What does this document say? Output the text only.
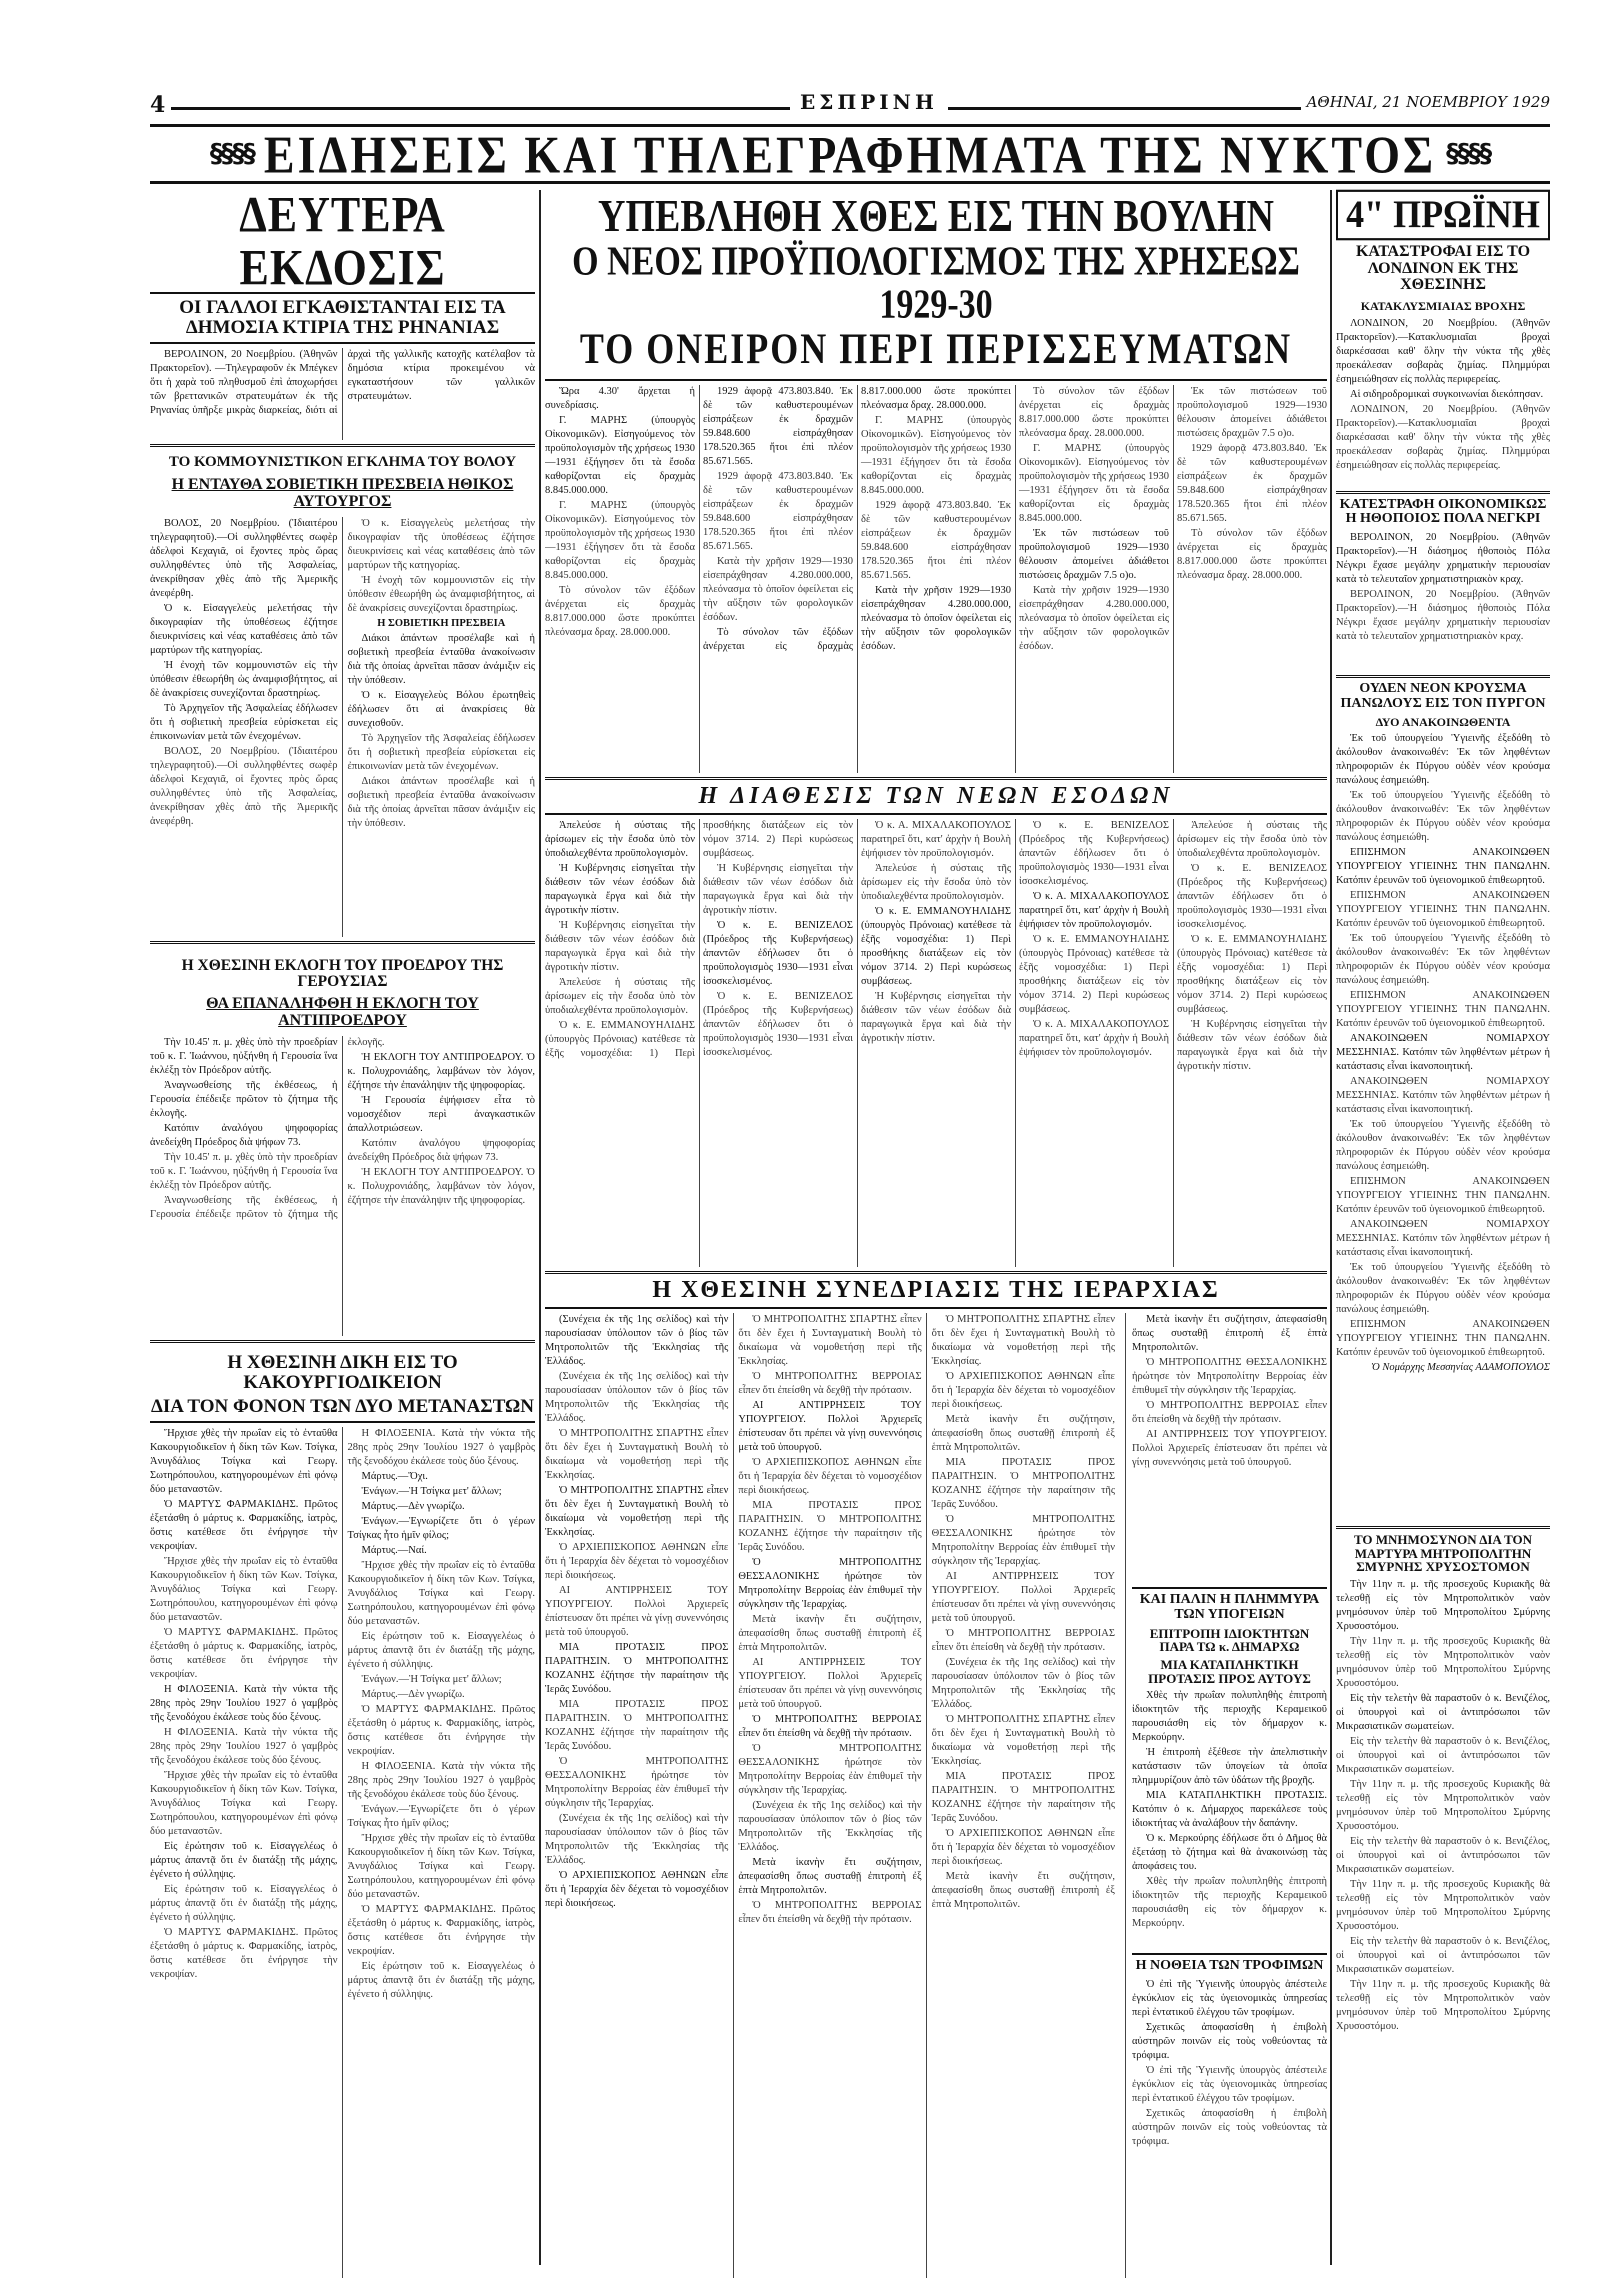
4	ΕΣΠΡΙΝΗ	ΑΘΗΝΑΙ, 21 ΝΟΕΜΒΡΙΟΥ 1929
§§§§ ΕΙΔΗΣΕΙΣ ΚΑΙ ΤΗΛΕΓΡΑΦΗΜΑΤΑ ΤΗΣ ΝΥΚΤΟΣ §§§§
ΔΕΥΤΕΡΑ ΕΚΔΟΣΙΣ
ΟΙ ΓΑΛΛΟΙ ΕΓΚΑΘΙΣΤΑΝΤΑΙ ΕΙΣ ΤΑ ΔΗΜΟΣΙΑ ΚΤΙΡΙΑ ΤΗΣ ΡΗΝΑΝΙΑΣ

ΒΕΡΟΛΙΝΟΝ, 20 Νοεμβρίου. (Ἀθηνῶν Πρακτορεῖον). —Τηλεγραφοῦν ἐκ Μπέγκεν ὅτι ἡ χαρὰ τοῦ πληθυσμοῦ ἐπὶ ἀποχωρήσει τῶν βρεττανικῶν στρατευμάτων ἐκ τῆς Ρηνανίας ὑπῆρξε μικρὰς διαρκείας, διότι αἱ ἀρχαὶ τῆς γαλλικῆς κατοχῆς κατέλαβον τὰ δημόσια κτίρια προκειμένου νὰ εγκαταστήσουν τῶν γαλλικῶν στρατευμάτων.

ΤΟ ΚΟΜΜΟΥΝΙΣΤΙΚΟΝ ΕΓΚΛΗΜΑ ΤΟΥ ΒΟΛΟΥ
Η ΕΝΤΑΥΘΑ ΣΟΒΙΕΤΙΚΗ ΠΡΕΣΒΕΙΑ ΗΘΙΚΟΣ ΑΥΤΟΥΡΓΟΣ

ΒΟΛΟΣ, 20 Νοεμβρίου. (Ἰδιαιτέρου τηλεγραφητοῦ).—Οἱ συλληφθέντες σωφὲρ ἀδελφοὶ Κεχαγιᾶ, οἱ ἔχοντες πρὸς ὥρας συλληφθέντες ὑπὸ τῆς Ἀσφαλείας, ἀνεκρίθησαν χθὲς ἀπὸ τῆς Ἀμερικῆς ἀνεφέρθη.

Ὁ κ. Εἰσαγγελεὺς μελετήσας τὴν δικογραφίαν τῆς ὑποθέσεως ἐζήτησε διευκρινίσεις καὶ νέας καταθέσεις ἀπὸ τῶν μαρτύρων τῆς κατηγορίας.

Ἡ ἐνοχὴ τῶν κομμουνιστῶν εἰς τὴν ὑπόθεσιν ἐθεωρήθη ὡς ἀναμφισβήτητος, αἱ δὲ ἀνακρίσεις συνεχίζονται δραστηρίως.

Τὸ Ἀρχηγεῖον τῆς Ἀσφαλείας ἐδήλωσεν ὅτι ἡ σοβιετικὴ πρεσβεία εὐρίσκεται εἰς ἐπικοινωνίαν μετὰ τῶν ἐνεχομένων.

ΒΟΛΟΣ, 20 Νοεμβρίου. (Ἰδιαιτέρου τηλεγραφητοῦ).—Οἱ συλληφθέντες σωφὲρ ἀδελφοὶ Κεχαγιᾶ, οἱ ἔχοντες πρὸς ὥρας συλληφθέντες ὑπὸ τῆς Ἀσφαλείας, ἀνεκρίθησαν χθὲς ἀπὸ τῆς Ἀμερικῆς ἀνεφέρθη.

Ὁ κ. Εἰσαγγελεὺς μελετήσας τὴν δικογραφίαν τῆς ὑποθέσεως ἐζήτησε διευκρινίσεις καὶ νέας καταθέσεις ἀπὸ τῶν μαρτύρων τῆς κατηγορίας.

Ἡ ἐνοχὴ τῶν κομμουνιστῶν εἰς τὴν ὑπόθεσιν ἐθεωρήθη ὡς ἀναμφισβήτητος, αἱ δὲ ἀνακρίσεις συνεχίζονται δραστηρίως.

Η ΣΟΒΙΕΤΙΚΗ ΠΡΕΣΒΕΙΑ

Διάκοι ἀπάντων προσέλαβε καὶ ἡ σοβιετικὴ πρεσβεία ἐνταῦθα ἀνακοίνωσιν διὰ τῆς ὁποίας ἀρνεῖται πᾶσαν ἀνάμιξιν εἰς τὴν ὑπόθεσιν.

Ὁ κ. Εἰσαγγελεὺς Βόλου ἐρωτηθεὶς ἐδήλωσεν ὅτι αἱ ἀνακρίσεις θὰ συνεχισθοῦν.

Τὸ Ἀρχηγεῖον τῆς Ἀσφαλείας ἐδήλωσεν ὅτι ἡ σοβιετικὴ πρεσβεία εὐρίσκεται εἰς ἐπικοινωνίαν μετὰ τῶν ἐνεχομένων.

Διάκοι ἀπάντων προσέλαβε καὶ ἡ σοβιετικὴ πρεσβεία ἐνταῦθα ἀνακοίνωσιν διὰ τῆς ὁποίας ἀρνεῖται πᾶσαν ἀνάμιξιν εἰς τὴν ὑπόθεσιν.

Η ΧΘΕΣΙΝΗ ΕΚΛΟΓΗ ΤΟΥ ΠΡΟΕΔΡΟΥ ΤΗΣ ΓΕΡΟΥΣΙΑΣ
ΘΑ ΕΠΑΝΑΛΗΦΘΗ Η ΕΚΛΟΓΗ ΤΟΥ ΑΝΤΙΠΡΟΕΔΡΟΥ

Τὴν 10.45' π. μ. χθὲς ὑπὸ τὴν προεδρίαν τοῦ κ. Γ. Ἰωάννου, ηὐξήνθη ἡ Γερουσία ἵνα ἐκλέξῃ τὸν Πρόεδρον αὐτῆς.

Ἀναγνωσθείσης τῆς ἐκθέσεως, ἡ Γερουσία ἐπέδειξε πρῶτον τὸ ζήτημα τῆς ἐκλογῆς.

Κατόπιν ἀναλόγου ψηφοφορίας ἀνεδείχθη Πρόεδρος διὰ ψήφων 73.

Τὴν 10.45' π. μ. χθὲς ὑπὸ τὴν προεδρίαν τοῦ κ. Γ. Ἰωάννου, ηὐξήνθη ἡ Γερουσία ἵνα ἐκλέξῃ τὸν Πρόεδρον αὐτῆς.

Ἀναγνωσθείσης τῆς ἐκθέσεως, ἡ Γερουσία ἐπέδειξε πρῶτον τὸ ζήτημα τῆς ἐκλογῆς.

Ἡ ΕΚΛΟΓΗ ΤΟΥ ΑΝΤΙΠΡΟΕΔΡΟΥ. Ὁ κ. Πολυχρονιάδης, λαμβάνων τὸν λόγον, ἐζήτησε τὴν ἐπανάληψιν τῆς ψηφοφορίας.

Ἡ Γερουσία ἐψήφισεν εἶτα τὸ νομοσχέδιον περὶ ἀναγκαστικῶν ἀπαλλοτριώσεων.

Κατόπιν ἀναλόγου ψηφοφορίας ἀνεδείχθη Πρόεδρος διὰ ψήφων 73.

Ἡ ΕΚΛΟΓΗ ΤΟΥ ΑΝΤΙΠΡΟΕΔΡΟΥ. Ὁ κ. Πολυχρονιάδης, λαμβάνων τὸν λόγον, ἐζήτησε τὴν ἐπανάληψιν τῆς ψηφοφορίας.

Η ΧΘΕΣΙΝΗ ΔΙΚΗ ΕΙΣ ΤΟ ΚΑΚΟΥΡΓΙΟΔΙΚΕΙΟΝ
ΔΙΑ ΤΟΝ ΦΟΝΟΝ ΤΩΝ ΔΥΟ ΜΕΤΑΝΑΣΤΩΝ

Ἤρχισε χθὲς τὴν πρωΐαν εἰς τὸ ἐνταῦθα Κακουργιοδικεῖον ἡ δίκη τῶν Κων. Τσίγκα, Ἀνυγδάλιος Τσίγκα καὶ Γεωργ. Σωτηρόπουλου, κατηγορουμένων ἐπὶ φόνῳ δύο μεταναστῶν.

Ὁ ΜΑΡΤΥΣ ΦΑΡΜΑΚΙΔΗΣ. Πρῶτος ἐξετάσθη ὁ μάρτυς κ. Φαρμακίδης, ἰατρὸς, ὅστις κατέθεσε ὅτι ἐνήργησε τὴν νεκροψίαν.

Ἤρχισε χθὲς τὴν πρωΐαν εἰς τὸ ἐνταῦθα Κακουργιοδικεῖον ἡ δίκη τῶν Κων. Τσίγκα, Ἀνυγδάλιος Τσίγκα καὶ Γεωργ. Σωτηρόπουλου, κατηγορουμένων ἐπὶ φόνῳ δύο μεταναστῶν.

Ὁ ΜΑΡΤΥΣ ΦΑΡΜΑΚΙΔΗΣ. Πρῶτος ἐξετάσθη ὁ μάρτυς κ. Φαρμακίδης, ἰατρὸς, ὅστις κατέθεσε ὅτι ἐνήργησε τὴν νεκροψίαν.

Η ΦΙΛΟΞΕΝΙΑ. Κατὰ τὴν νύκτα τῆς 28ης πρὸς 29ην Ἰουλίου 1927 ὁ γαμβρὸς τῆς ξενοδόχου ἐκάλεσε τοὺς δύο ξένους.

Η ΦΙΛΟΞΕΝΙΑ. Κατὰ τὴν νύκτα τῆς 28ης πρὸς 29ην Ἰουλίου 1927 ὁ γαμβρὸς τῆς ξενοδόχου ἐκάλεσε τοὺς δύο ξένους.

Ἤρχισε χθὲς τὴν πρωΐαν εἰς τὸ ἐνταῦθα Κακουργιοδικεῖον ἡ δίκη τῶν Κων. Τσίγκα, Ἀνυγδάλιος Τσίγκα καὶ Γεωργ. Σωτηρόπουλου, κατηγορουμένων ἐπὶ φόνῳ δύο μεταναστῶν.

Εἰς ἐρώτησιν τοῦ κ. Εἰσαγγελέως ὁ μάρτυς ἀπαντᾷ ὅτι ἐν διατάξῃ τῆς μάχης, ἐγένετο ἡ σύλληψις.

Εἰς ἐρώτησιν τοῦ κ. Εἰσαγγελέως ὁ μάρτυς ἀπαντᾷ ὅτι ἐν διατάξῃ τῆς μάχης, ἐγένετο ἡ σύλληψις.

Ὁ ΜΑΡΤΥΣ ΦΑΡΜΑΚΙΔΗΣ. Πρῶτος ἐξετάσθη ὁ μάρτυς κ. Φαρμακίδης, ἰατρὸς, ὅστις κατέθεσε ὅτι ἐνήργησε τὴν νεκροψίαν.

Η ΦΙΛΟΞΕΝΙΑ. Κατὰ τὴν νύκτα τῆς 28ης πρὸς 29ην Ἰουλίου 1927 ὁ γαμβρὸς τῆς ξενοδόχου ἐκάλεσε τοὺς δύο ξένους.

Μάρτυς.—Ὄχι.

Ἐνάγων.—Ἡ Τσίγκα μετ' ἄλλων;

Μάρτυς.—Δὲν γνωρίζω.

Ἐνάγων.—Ἐγνωρίζετε ὅτι ὁ γέρων Τσίγκας ἦτο ἡμῖν φίλος;

Μάρτυς.—Ναί.

Ἤρχισε χθὲς τὴν πρωΐαν εἰς τὸ ἐνταῦθα Κακουργιοδικεῖον ἡ δίκη τῶν Κων. Τσίγκα, Ἀνυγδάλιος Τσίγκα καὶ Γεωργ. Σωτηρόπουλου, κατηγορουμένων ἐπὶ φόνῳ δύο μεταναστῶν.

Εἰς ἐρώτησιν τοῦ κ. Εἰσαγγελέως ὁ μάρτυς ἀπαντᾷ ὅτι ἐν διατάξῃ τῆς μάχης, ἐγένετο ἡ σύλληψις.

Ἐνάγων.—Ἡ Τσίγκα μετ' ἄλλων;

Μάρτυς.—Δὲν γνωρίζω.

Ὁ ΜΑΡΤΥΣ ΦΑΡΜΑΚΙΔΗΣ. Πρῶτος ἐξετάσθη ὁ μάρτυς κ. Φαρμακίδης, ἰατρὸς, ὅστις κατέθεσε ὅτι ἐνήργησε τὴν νεκροψίαν.

Η ΦΙΛΟΞΕΝΙΑ. Κατὰ τὴν νύκτα τῆς 28ης πρὸς 29ην Ἰουλίου 1927 ὁ γαμβρὸς τῆς ξενοδόχου ἐκάλεσε τοὺς δύο ξένους.

Ἐνάγων.—Ἐγνωρίζετε ὅτι ὁ γέρων Τσίγκας ἦτο ἡμῖν φίλος;

Ἤρχισε χθὲς τὴν πρωΐαν εἰς τὸ ἐνταῦθα Κακουργιοδικεῖον ἡ δίκη τῶν Κων. Τσίγκα, Ἀνυγδάλιος Τσίγκα καὶ Γεωργ. Σωτηρόπουλου, κατηγορουμένων ἐπὶ φόνῳ δύο μεταναστῶν.

Ὁ ΜΑΡΤΥΣ ΦΑΡΜΑΚΙΔΗΣ. Πρῶτος ἐξετάσθη ὁ μάρτυς κ. Φαρμακίδης, ἰατρὸς, ὅστις κατέθεσε ὅτι ἐνήργησε τὴν νεκροψίαν.

Εἰς ἐρώτησιν τοῦ κ. Εἰσαγγελέως ὁ μάρτυς ἀπαντᾷ ὅτι ἐν διατάξῃ τῆς μάχης, ἐγένετο ἡ σύλληψις.

ΥΠΕΒΛΗΘΗ ΧΘΕΣ ΕΙΣ ΤΗΝ ΒΟΥΛΗΝ
Ο ΝΕΟΣ ΠΡΟΫΠΟΛΟΓΙΣΜΟΣ ΤΗΣ ΧΡΗΣΕΩΣ 1929-30
ΤΟ ΟΝΕΙΡΟΝ ΠΕΡΙ ΠΕΡΙΣΣΕΥΜΑΤΩΝ

Ὥρα 4.30' ἄρχεται ἡ συνεδρίασις.

Γ. ΜΑΡΗΣ (ὑπουργὸς Οἰκονομικῶν). Εἰσηγούμενος τὸν προϋπολογισμὸν τῆς χρήσεως 1930—1931 ἐξήγησεν ὅτι τὰ ἔσοδα καθορίζονται εἰς δραχμὰς 8.845.000.000.

Γ. ΜΑΡΗΣ (ὑπουργὸς Οἰκονομικῶν). Εἰσηγούμενος τὸν προϋπολογισμὸν τῆς χρήσεως 1930—1931 ἐξήγησεν ὅτι τὰ ἔσοδα καθορίζονται εἰς δραχμὰς 8.845.000.000.

Τὸ σύνολον τῶν ἐξόδων ἀνέρχεται εἰς δραχμὰς 8.817.000.000 ὥστε προκύπτει πλεόνασμα δραχ. 28.000.000.

1929 ἀφορᾷ 473.803.840. Ἐκ δὲ τῶν καθυστερουμένων εἰσπράξεων ἐκ δραχμῶν 59.848.600 εἰσπράχθησαν 178.520.365 ἤτοι ἐπὶ πλέον 85.671.565.

1929 ἀφορᾷ 473.803.840. Ἐκ δὲ τῶν καθυστερουμένων εἰσπράξεων ἐκ δραχμῶν 59.848.600 εἰσπράχθησαν 178.520.365 ἤτοι ἐπὶ πλέον 85.671.565.

Κατὰ τὴν χρῆσιν 1929—1930 εἰσεπράχθησαν 4.280.000.000, πλεόνασμα τὸ ὁποῖον ὀφείλεται εἰς τὴν αὔξησιν τῶν φορολογικῶν ἐσόδων.

Τὸ σύνολον τῶν ἐξόδων ἀνέρχεται εἰς δραχμὰς 8.817.000.000 ὥστε προκύπτει πλεόνασμα δραχ. 28.000.000.

Γ. ΜΑΡΗΣ (ὑπουργὸς Οἰκονομικῶν). Εἰσηγούμενος τὸν προϋπολογισμὸν τῆς χρήσεως 1930—1931 ἐξήγησεν ὅτι τὰ ἔσοδα καθορίζονται εἰς δραχμὰς 8.845.000.000.

1929 ἀφορᾷ 473.803.840. Ἐκ δὲ τῶν καθυστερουμένων εἰσπράξεων ἐκ δραχμῶν 59.848.600 εἰσπράχθησαν 178.520.365 ἤτοι ἐπὶ πλέον 85.671.565.

Κατὰ τὴν χρῆσιν 1929—1930 εἰσεπράχθησαν 4.280.000.000, πλεόνασμα τὸ ὁποῖον ὀφείλεται εἰς τὴν αὔξησιν τῶν φορολογικῶν ἐσόδων.

Τὸ σύνολον τῶν ἐξόδων ἀνέρχεται εἰς δραχμὰς 8.817.000.000 ὥστε προκύπτει πλεόνασμα δραχ. 28.000.000.

Γ. ΜΑΡΗΣ (ὑπουργὸς Οἰκονομικῶν). Εἰσηγούμενος τὸν προϋπολογισμὸν τῆς χρήσεως 1930—1931 ἐξήγησεν ὅτι τὰ ἔσοδα καθορίζονται εἰς δραχμὰς 8.845.000.000.

Ἐκ τῶν πιστώσεων τοῦ προϋπολογισμοῦ 1929—1930 θέλουσιν ἀπομείνει ἀδιάθετοι πιστώσεις δραχμῶν 7.5 ο)ο.

Κατὰ τὴν χρῆσιν 1929—1930 εἰσεπράχθησαν 4.280.000.000, πλεόνασμα τὸ ὁποῖον ὀφείλεται εἰς τὴν αὔξησιν τῶν φορολογικῶν ἐσόδων.

Ἐκ τῶν πιστώσεων τοῦ προϋπολογισμοῦ 1929—1930 θέλουσιν ἀπομείνει ἀδιάθετοι πιστώσεις δραχμῶν 7.5 ο)ο.

1929 ἀφορᾷ 473.803.840. Ἐκ δὲ τῶν καθυστερουμένων εἰσπράξεων ἐκ δραχμῶν 59.848.600 εἰσπράχθησαν 178.520.365 ἤτοι ἐπὶ πλέον 85.671.565.

Τὸ σύνολον τῶν ἐξόδων ἀνέρχεται εἰς δραχμὰς 8.817.000.000 ὥστε προκύπτει πλεόνασμα δραχ. 28.000.000.

Η ΔΙΑΘΕΣΙΣ ΤΩΝ ΝΕΩΝ ΕΣΟΔΩΝ

Ἀπελεύσε ἡ σύσταις τῆς ἀρίσωμεν εἰς τὴν ἔσοδα ὑπὸ τὸν ὑποδιαλεχθέντα προϋπολογισμὸν.

Ἡ Κυβέρνησις εἰσηγεῖται τὴν διάθεσιν τῶν νέων ἐσόδων διὰ παραγωγικὰ ἔργα καὶ διὰ τὴν ἀγροτικὴν πίστιν.

Ἡ Κυβέρνησις εἰσηγεῖται τὴν διάθεσιν τῶν νέων ἐσόδων διὰ παραγωγικὰ ἔργα καὶ διὰ τὴν ἀγροτικὴν πίστιν.

Ἀπελεύσε ἡ σύσταις τῆς ἀρίσωμεν εἰς τὴν ἔσοδα ὑπὸ τὸν ὑποδιαλεχθέντα προϋπολογισμὸν.

Ὁ κ. Ε. ΕΜΜΑΝΟΥΗΛΙΔΗΣ (ὑπουργὸς Πρόνοιας) κατέθεσε τὰ ἑξῆς νομοσχέδια: 1) Περὶ προσθήκης διατάξεων εἰς τὸν νόμον 3714. 2) Περὶ κυρώσεως συμβάσεως.

Ἡ Κυβέρνησις εἰσηγεῖται τὴν διάθεσιν τῶν νέων ἐσόδων διὰ παραγωγικὰ ἔργα καὶ διὰ τὴν ἀγροτικὴν πίστιν.

Ὁ κ. Ε. ΒΕΝΙΖΕΛΟΣ (Πρόεδρος τῆς Κυβερνήσεως) ἀπαντῶν ἐδήλωσεν ὅτι ὁ προϋπολογισμὸς 1930—1931 εἶναι ἰσοσκελισμένος.

Ὁ κ. Ε. ΒΕΝΙΖΕΛΟΣ (Πρόεδρος τῆς Κυβερνήσεως) ἀπαντῶν ἐδήλωσεν ὅτι ὁ προϋπολογισμὸς 1930—1931 εἶναι ἰσοσκελισμένος.

Ὁ κ. Α. ΜΙΧΑΛΑΚΟΠΟΥΛΟΣ παρατηρεῖ ὅτι, κατ' ἀρχὴν ἡ Βουλὴ ἐψήφισεν τὸν προϋπολογισμόν.

Ἀπελεύσε ἡ σύσταις τῆς ἀρίσωμεν εἰς τὴν ἔσοδα ὑπὸ τὸν ὑποδιαλεχθέντα προϋπολογισμὸν.

Ὁ κ. Ε. ΕΜΜΑΝΟΥΗΛΙΔΗΣ (ὑπουργὸς Πρόνοιας) κατέθεσε τὰ ἑξῆς νομοσχέδια: 1) Περὶ προσθήκης διατάξεων εἰς τὸν νόμον 3714. 2) Περὶ κυρώσεως συμβάσεως.

Ἡ Κυβέρνησις εἰσηγεῖται τὴν διάθεσιν τῶν νέων ἐσόδων διὰ παραγωγικὰ ἔργα καὶ διὰ τὴν ἀγροτικὴν πίστιν.

Ὁ κ. Ε. ΒΕΝΙΖΕΛΟΣ (Πρόεδρος τῆς Κυβερνήσεως) ἀπαντῶν ἐδήλωσεν ὅτι ὁ προϋπολογισμὸς 1930—1931 εἶναι ἰσοσκελισμένος.

Ὁ κ. Α. ΜΙΧΑΛΑΚΟΠΟΥΛΟΣ παρατηρεῖ ὅτι, κατ' ἀρχὴν ἡ Βουλὴ ἐψήφισεν τὸν προϋπολογισμόν.

Ὁ κ. Ε. ΕΜΜΑΝΟΥΗΛΙΔΗΣ (ὑπουργὸς Πρόνοιας) κατέθεσε τὰ ἑξῆς νομοσχέδια: 1) Περὶ προσθήκης διατάξεων εἰς τὸν νόμον 3714. 2) Περὶ κυρώσεως συμβάσεως.

Ὁ κ. Α. ΜΙΧΑΛΑΚΟΠΟΥΛΟΣ παρατηρεῖ ὅτι, κατ' ἀρχὴν ἡ Βουλὴ ἐψήφισεν τὸν προϋπολογισμόν.

Ἀπελεύσε ἡ σύσταις τῆς ἀρίσωμεν εἰς τὴν ἔσοδα ὑπὸ τὸν ὑποδιαλεχθέντα προϋπολογισμὸν.

Ὁ κ. Ε. ΒΕΝΙΖΕΛΟΣ (Πρόεδρος τῆς Κυβερνήσεως) ἀπαντῶν ἐδήλωσεν ὅτι ὁ προϋπολογισμὸς 1930—1931 εἶναι ἰσοσκελισμένος.

Ὁ κ. Ε. ΕΜΜΑΝΟΥΗΛΙΔΗΣ (ὑπουργὸς Πρόνοιας) κατέθεσε τὰ ἑξῆς νομοσχέδια: 1) Περὶ προσθήκης διατάξεων εἰς τὸν νόμον 3714. 2) Περὶ κυρώσεως συμβάσεως.

Ἡ Κυβέρνησις εἰσηγεῖται τὴν διάθεσιν τῶν νέων ἐσόδων διὰ παραγωγικὰ ἔργα καὶ διὰ τὴν ἀγροτικὴν πίστιν.

Η ΧΘΕΣΙΝΗ ΣΥΝΕΔΡΙΑΣΙΣ ΤΗΣ ΙΕΡΑΡΧΙΑΣ

(Συνέχεια ἐκ τῆς 1ης σελίδος) καὶ τὴν παρουσίασαν ὑπόλοιπον τῶν ὁ βίος τῶν Μητροπολιτῶν τῆς Ἐκκλησίας τῆς Ἑλλάδος.

(Συνέχεια ἐκ τῆς 1ης σελίδος) καὶ τὴν παρουσίασαν ὑπόλοιπον τῶν ὁ βίος τῶν Μητροπολιτῶν τῆς Ἐκκλησίας τῆς Ἑλλάδος.

Ὁ ΜΗΤΡΟΠΟΛΙΤΗΣ ΣΠΑΡΤΗΣ εἶπεν ὅτι δὲν ἔχει ἡ Συνταγματικὴ Βουλὴ τὸ δικαίωμα νὰ νομοθετήσῃ περὶ τῆς Ἐκκλησίας.

Ὁ ΜΗΤΡΟΠΟΛΙΤΗΣ ΣΠΑΡΤΗΣ εἶπεν ὅτι δὲν ἔχει ἡ Συνταγματικὴ Βουλὴ τὸ δικαίωμα νὰ νομοθετήσῃ περὶ τῆς Ἐκκλησίας.

Ὁ ΑΡΧΙΕΠΙΣΚΟΠΟΣ ΑΘΗΝΩΝ εἶπε ὅτι ἡ Ἱεραρχία δὲν δέχεται τὸ νομοσχέδιον περὶ διοικήσεως.

ΑΙ ΑΝΤΙΡΡΗΣΕΙΣ ΤΟΥ ΥΠΟΥΡΓΕΙΟΥ. Πολλοὶ Ἀρχιερεῖς ἐπίστευσαν ὅτι πρέπει νὰ γίνῃ συνεννόησις μετὰ τοῦ ὑπουργοῦ.

ΜΙΑ ΠΡΟΤΑΣΙΣ ΠΡΟΣ ΠΑΡΑΙΤΗΣΙΝ. Ὁ ΜΗΤΡΟΠΟΛΙΤΗΣ ΚΟΖΑΝΗΣ ἐζήτησε τὴν παραίτησιν τῆς Ἱερᾶς Συνόδου.

ΜΙΑ ΠΡΟΤΑΣΙΣ ΠΡΟΣ ΠΑΡΑΙΤΗΣΙΝ. Ὁ ΜΗΤΡΟΠΟΛΙΤΗΣ ΚΟΖΑΝΗΣ ἐζήτησε τὴν παραίτησιν τῆς Ἱερᾶς Συνόδου.

Ὁ ΜΗΤΡΟΠΟΛΙΤΗΣ ΘΕΣΣΑΛΟΝΙΚΗΣ ἠρώτησε τὸν Μητροπολίτην Βερροίας ἐὰν ἐπιθυμεῖ τὴν σύγκλησιν τῆς Ἱεραρχίας.

(Συνέχεια ἐκ τῆς 1ης σελίδος) καὶ τὴν παρουσίασαν ὑπόλοιπον τῶν ὁ βίος τῶν Μητροπολιτῶν τῆς Ἐκκλησίας τῆς Ἑλλάδος.

Ὁ ΑΡΧΙΕΠΙΣΚΟΠΟΣ ΑΘΗΝΩΝ εἶπε ὅτι ἡ Ἱεραρχία δὲν δέχεται τὸ νομοσχέδιον περὶ διοικήσεως.

Ὁ ΜΗΤΡΟΠΟΛΙΤΗΣ ΣΠΑΡΤΗΣ εἶπεν ὅτι δὲν ἔχει ἡ Συνταγματικὴ Βουλὴ τὸ δικαίωμα νὰ νομοθετήσῃ περὶ τῆς Ἐκκλησίας.

Ὁ ΜΗΤΡΟΠΟΛΙΤΗΣ ΒΕΡΡΟΙΑΣ εἶπεν ὅτι ἐπείσθη νὰ δεχθῇ τὴν πρότασιν.

ΑΙ ΑΝΤΙΡΡΗΣΕΙΣ ΤΟΥ ΥΠΟΥΡΓΕΙΟΥ. Πολλοὶ Ἀρχιερεῖς ἐπίστευσαν ὅτι πρέπει νὰ γίνῃ συνεννόησις μετὰ τοῦ ὑπουργοῦ.

Ὁ ΑΡΧΙΕΠΙΣΚΟΠΟΣ ΑΘΗΝΩΝ εἶπε ὅτι ἡ Ἱεραρχία δὲν δέχεται τὸ νομοσχέδιον περὶ διοικήσεως.

ΜΙΑ ΠΡΟΤΑΣΙΣ ΠΡΟΣ ΠΑΡΑΙΤΗΣΙΝ. Ὁ ΜΗΤΡΟΠΟΛΙΤΗΣ ΚΟΖΑΝΗΣ ἐζήτησε τὴν παραίτησιν τῆς Ἱερᾶς Συνόδου.

Ὁ ΜΗΤΡΟΠΟΛΙΤΗΣ ΘΕΣΣΑΛΟΝΙΚΗΣ ἠρώτησε τὸν Μητροπολίτην Βερροίας ἐὰν ἐπιθυμεῖ τὴν σύγκλησιν τῆς Ἱεραρχίας.

Μετὰ ἱκανὴν ἔτι συζήτησιν, ἀπεφασίσθη ὅπως συσταθῇ ἐπιτροπὴ ἐξ ἑπτὰ Μητροπολιτῶν.

ΑΙ ΑΝΤΙΡΡΗΣΕΙΣ ΤΟΥ ΥΠΟΥΡΓΕΙΟΥ. Πολλοὶ Ἀρχιερεῖς ἐπίστευσαν ὅτι πρέπει νὰ γίνῃ συνεννόησις μετὰ τοῦ ὑπουργοῦ.

Ὁ ΜΗΤΡΟΠΟΛΙΤΗΣ ΒΕΡΡΟΙΑΣ εἶπεν ὅτι ἐπείσθη νὰ δεχθῇ τὴν πρότασιν.

Ὁ ΜΗΤΡΟΠΟΛΙΤΗΣ ΘΕΣΣΑΛΟΝΙΚΗΣ ἠρώτησε τὸν Μητροπολίτην Βερροίας ἐὰν ἐπιθυμεῖ τὴν σύγκλησιν τῆς Ἱεραρχίας.

(Συνέχεια ἐκ τῆς 1ης σελίδος) καὶ τὴν παρουσίασαν ὑπόλοιπον τῶν ὁ βίος τῶν Μητροπολιτῶν τῆς Ἐκκλησίας τῆς Ἑλλάδος.

Μετὰ ἱκανὴν ἔτι συζήτησιν, ἀπεφασίσθη ὅπως συσταθῇ ἐπιτροπὴ ἐξ ἑπτὰ Μητροπολιτῶν.

Ὁ ΜΗΤΡΟΠΟΛΙΤΗΣ ΒΕΡΡΟΙΑΣ εἶπεν ὅτι ἐπείσθη νὰ δεχθῇ τὴν πρότασιν.

Ὁ ΜΗΤΡΟΠΟΛΙΤΗΣ ΣΠΑΡΤΗΣ εἶπεν ὅτι δὲν ἔχει ἡ Συνταγματικὴ Βουλὴ τὸ δικαίωμα νὰ νομοθετήσῃ περὶ τῆς Ἐκκλησίας.

Ὁ ΑΡΧΙΕΠΙΣΚΟΠΟΣ ΑΘΗΝΩΝ εἶπε ὅτι ἡ Ἱεραρχία δὲν δέχεται τὸ νομοσχέδιον περὶ διοικήσεως.

Μετὰ ἱκανὴν ἔτι συζήτησιν, ἀπεφασίσθη ὅπως συσταθῇ ἐπιτροπὴ ἐξ ἑπτὰ Μητροπολιτῶν.

ΜΙΑ ΠΡΟΤΑΣΙΣ ΠΡΟΣ ΠΑΡΑΙΤΗΣΙΝ. Ὁ ΜΗΤΡΟΠΟΛΙΤΗΣ ΚΟΖΑΝΗΣ ἐζήτησε τὴν παραίτησιν τῆς Ἱερᾶς Συνόδου.

Ὁ ΜΗΤΡΟΠΟΛΙΤΗΣ ΘΕΣΣΑΛΟΝΙΚΗΣ ἠρώτησε τὸν Μητροπολίτην Βερροίας ἐὰν ἐπιθυμεῖ τὴν σύγκλησιν τῆς Ἱεραρχίας.

ΑΙ ΑΝΤΙΡΡΗΣΕΙΣ ΤΟΥ ΥΠΟΥΡΓΕΙΟΥ. Πολλοὶ Ἀρχιερεῖς ἐπίστευσαν ὅτι πρέπει νὰ γίνῃ συνεννόησις μετὰ τοῦ ὑπουργοῦ.

Ὁ ΜΗΤΡΟΠΟΛΙΤΗΣ ΒΕΡΡΟΙΑΣ εἶπεν ὅτι ἐπείσθη νὰ δεχθῇ τὴν πρότασιν.

(Συνέχεια ἐκ τῆς 1ης σελίδος) καὶ τὴν παρουσίασαν ὑπόλοιπον τῶν ὁ βίος τῶν Μητροπολιτῶν τῆς Ἐκκλησίας τῆς Ἑλλάδος.

Ὁ ΜΗΤΡΟΠΟΛΙΤΗΣ ΣΠΑΡΤΗΣ εἶπεν ὅτι δὲν ἔχει ἡ Συνταγματικὴ Βουλὴ τὸ δικαίωμα νὰ νομοθετήσῃ περὶ τῆς Ἐκκλησίας.

ΜΙΑ ΠΡΟΤΑΣΙΣ ΠΡΟΣ ΠΑΡΑΙΤΗΣΙΝ. Ὁ ΜΗΤΡΟΠΟΛΙΤΗΣ ΚΟΖΑΝΗΣ ἐζήτησε τὴν παραίτησιν τῆς Ἱερᾶς Συνόδου.

Ὁ ΑΡΧΙΕΠΙΣΚΟΠΟΣ ΑΘΗΝΩΝ εἶπε ὅτι ἡ Ἱεραρχία δὲν δέχεται τὸ νομοσχέδιον περὶ διοικήσεως.

Μετὰ ἱκανὴν ἔτι συζήτησιν, ἀπεφασίσθη ὅπως συσταθῇ ἐπιτροπὴ ἐξ ἑπτὰ Μητροπολιτῶν.

Μετὰ ἱκανὴν ἔτι συζήτησιν, ἀπεφασίσθη ὅπως συσταθῇ ἐπιτροπὴ ἐξ ἑπτὰ Μητροπολιτῶν.

Ὁ ΜΗΤΡΟΠΟΛΙΤΗΣ ΘΕΣΣΑΛΟΝΙΚΗΣ ἠρώτησε τὸν Μητροπολίτην Βερροίας ἐὰν ἐπιθυμεῖ τὴν σύγκλησιν τῆς Ἱεραρχίας.

Ὁ ΜΗΤΡΟΠΟΛΙΤΗΣ ΒΕΡΡΟΙΑΣ εἶπεν ὅτι ἐπείσθη νὰ δεχθῇ τὴν πρότασιν.

ΑΙ ΑΝΤΙΡΡΗΣΕΙΣ ΤΟΥ ΥΠΟΥΡΓΕΙΟΥ. Πολλοὶ Ἀρχιερεῖς ἐπίστευσαν ὅτι πρέπει νὰ γίνῃ συνεννόησις μετὰ τοῦ ὑπουργοῦ.

ΚΑΙ ΠΑΛΙΝ Η ΠΛΗΜΜΥΡΑ ΤΩΝ ΥΠΟΓΕΙΩΝ
ΕΠΙΤΡΟΠΗ ΙΔΙΟΚΤΗΤΩΝ ΠΑΡΑ ΤΩ κ. ΔΗΜΑΡΧΩ
ΜΙΑ ΚΑΤΑΠΛΗΚΤΙΚΗ ΠΡΟΤΑΣΙΣ ΠΡΟΣ ΑΥΤΟΥΣ

Χθὲς τὴν πρωΐαν πολυπληθὴς ἐπιτροπὴ ἰδιοκτητῶν τῆς περιοχῆς Κεραμεικοῦ παρουσιάσθη εἰς τὸν δήμαρχον κ. Μερκούρην.

Ἡ ἐπιτροπὴ ἐξέθεσε τὴν ἀπελπιστικὴν κατάστασιν τῶν ὑπογείων τὰ ὁποῖα πλημμυρίζουν ἀπὸ τῶν ὑδάτων τῆς βροχῆς.

ΜΙΑ ΚΑΤΑΠΛΗΚΤΙΚΗ ΠΡΟΤΑΣΙΣ. Κατόπιν ὁ κ. Δήμαρχος παρεκάλεσε τοὺς ἰδιοκτήτας νὰ ἀναλάβουν τὴν δαπάνην.

Ὁ κ. Μερκούρης ἐδήλωσε ὅτι ὁ Δῆμος θὰ ἐξετάσῃ τὸ ζήτημα καὶ θὰ ἀνακοινώσῃ τὰς ἀποφάσεις του.

Χθὲς τὴν πρωΐαν πολυπληθὴς ἐπιτροπὴ ἰδιοκτητῶν τῆς περιοχῆς Κεραμεικοῦ παρουσιάσθη εἰς τὸν δήμαρχον κ. Μερκούρην.

Η ΝΟΘΕΙΑ ΤΩΝ ΤΡΟΦΙΜΩΝ

Ὁ ἐπὶ τῆς Ὑγιεινῆς ὑπουργὸς ἀπέστειλε ἐγκύκλιον εἰς τὰς ὑγειονομικὰς ὑπηρεσίας περὶ ἐντατικοῦ ἐλέγχου τῶν τροφίμων.

Σχετικῶς ἀποφασίσθη ἡ ἐπιβολὴ αὐστηρῶν ποινῶν εἰς τοὺς νοθεύοντας τὰ τρόφιμα.

Ὁ ἐπὶ τῆς Ὑγιεινῆς ὑπουργὸς ἀπέστειλε ἐγκύκλιον εἰς τὰς ὑγειονομικὰς ὑπηρεσίας περὶ ἐντατικοῦ ἐλέγχου τῶν τροφίμων.

Σχετικῶς ἀποφασίσθη ἡ ἐπιβολὴ αὐστηρῶν ποινῶν εἰς τοὺς νοθεύοντας τὰ τρόφιμα.

4" ΠΡΩΪΝΗ
ΚΑΤΑΣΤΡΟΦΑΙ ΕΙΣ ΤΟ ΛΟΝΔΙΝΟΝ ΕΚ ΤΗΣ ΧΘΕΣΙΝΗΣ
ΚΑΤΑΚΛΥΣΜΙΑΙΑΣ ΒΡΟΧΗΣ

ΛΟΝΔΙΝΟΝ, 20 Νοεμβρίου. (Ἀθηνῶν Πρακτορεῖον).—Κατακλυσμιαῖαι βροχαὶ διαρκέσασαι καθ' ὅλην τὴν νύκτα τῆς χθὲς προεκάλεσαν σοβαρὰς ζημίας. Πλημμύραι ἐσημειώθησαν εἰς πολλὰς περιφερείας.

Αἱ σιδηροδρομικαὶ συγκοινωνίαι διεκόπησαν.

ΛΟΝΔΙΝΟΝ, 20 Νοεμβρίου. (Ἀθηνῶν Πρακτορεῖον).—Κατακλυσμιαῖαι βροχαὶ διαρκέσασαι καθ' ὅλην τὴν νύκτα τῆς χθὲς προεκάλεσαν σοβαρὰς ζημίας. Πλημμύραι ἐσημειώθησαν εἰς πολλὰς περιφερείας.

ΚΑΤΕΣΤΡΑΦΗ ΟΙΚΟΝΟΜΙΚΩΣ Η ΗΘΟΠΟΙΟΣ ΠΟΛΑ ΝΕΓΚΡΙ

ΒΕΡΟΛΙΝΟΝ, 20 Νοεμβρίου. (Ἀθηνῶν Πρακτορεῖον).—Ἡ διάσημος ἠθοποιὸς Πόλα Νέγκρι ἔχασε μεγάλην χρηματικὴν περιουσίαν κατὰ τὸ τελευταῖον χρηματιστηριακὸν κραχ.

ΒΕΡΟΛΙΝΟΝ, 20 Νοεμβρίου. (Ἀθηνῶν Πρακτορεῖον).—Ἡ διάσημος ἠθοποιὸς Πόλα Νέγκρι ἔχασε μεγάλην χρηματικὴν περιουσίαν κατὰ τὸ τελευταῖον χρηματιστηριακὸν κραχ.

ΟΥΔΕΝ ΝΕΟΝ ΚΡΟΥΣΜΑ ΠΑΝΩΛΟΥΣ ΕΙΣ ΤΟΝ ΠΥΡΓΟΝ
ΔΥΟ ΑΝΑΚΟΙΝΩΘΕΝΤΑ

Ἐκ τοῦ ὑπουργείου Ὑγιεινῆς ἐξεδόθη τὸ ἀκόλουθον ἀνακοινωθέν: Ἐκ τῶν ληφθέντων πληροφοριῶν ἐκ Πύργου οὐδὲν νέον κρούσμα πανώλους ἐσημειώθη.

Ἐκ τοῦ ὑπουργείου Ὑγιεινῆς ἐξεδόθη τὸ ἀκόλουθον ἀνακοινωθέν: Ἐκ τῶν ληφθέντων πληροφοριῶν ἐκ Πύργου οὐδὲν νέον κρούσμα πανώλους ἐσημειώθη.

ΕΠΙΣΗΜΟΝ ΑΝΑΚΟΙΝΩΘΕΝ ΥΠΟΥΡΓΕΙΟΥ ΥΓΙΕΙΝΗΣ ΤΗΝ ΠΑΝΩΛΗΝ. Κατόπιν ἐρευνῶν τοῦ ὑγειονομικοῦ ἐπιθεωρητοῦ.

ΕΠΙΣΗΜΟΝ ΑΝΑΚΟΙΝΩΘΕΝ ΥΠΟΥΡΓΕΙΟΥ ΥΓΙΕΙΝΗΣ ΤΗΝ ΠΑΝΩΛΗΝ. Κατόπιν ἐρευνῶν τοῦ ὑγειονομικοῦ ἐπιθεωρητοῦ.

Ἐκ τοῦ ὑπουργείου Ὑγιεινῆς ἐξεδόθη τὸ ἀκόλουθον ἀνακοινωθέν: Ἐκ τῶν ληφθέντων πληροφοριῶν ἐκ Πύργου οὐδὲν νέον κρούσμα πανώλους ἐσημειώθη.

ΕΠΙΣΗΜΟΝ ΑΝΑΚΟΙΝΩΘΕΝ ΥΠΟΥΡΓΕΙΟΥ ΥΓΙΕΙΝΗΣ ΤΗΝ ΠΑΝΩΛΗΝ. Κατόπιν ἐρευνῶν τοῦ ὑγειονομικοῦ ἐπιθεωρητοῦ.

ΑΝΑΚΟΙΝΩΘΕΝ ΝΟΜΙΑΡΧΟΥ ΜΕΣΣΗΝΙΑΣ. Κατόπιν τῶν ληφθέντων μέτρων ἡ κατάστασις εἶναι ἱκανοποιητική.

ΑΝΑΚΟΙΝΩΘΕΝ ΝΟΜΙΑΡΧΟΥ ΜΕΣΣΗΝΙΑΣ. Κατόπιν τῶν ληφθέντων μέτρων ἡ κατάστασις εἶναι ἱκανοποιητική.

Ἐκ τοῦ ὑπουργείου Ὑγιεινῆς ἐξεδόθη τὸ ἀκόλουθον ἀνακοινωθέν: Ἐκ τῶν ληφθέντων πληροφοριῶν ἐκ Πύργου οὐδὲν νέον κρούσμα πανώλους ἐσημειώθη.

ΕΠΙΣΗΜΟΝ ΑΝΑΚΟΙΝΩΘΕΝ ΥΠΟΥΡΓΕΙΟΥ ΥΓΙΕΙΝΗΣ ΤΗΝ ΠΑΝΩΛΗΝ. Κατόπιν ἐρευνῶν τοῦ ὑγειονομικοῦ ἐπιθεωρητοῦ.

ΑΝΑΚΟΙΝΩΘΕΝ ΝΟΜΙΑΡΧΟΥ ΜΕΣΣΗΝΙΑΣ. Κατόπιν τῶν ληφθέντων μέτρων ἡ κατάστασις εἶναι ἱκανοποιητική.

Ἐκ τοῦ ὑπουργείου Ὑγιεινῆς ἐξεδόθη τὸ ἀκόλουθον ἀνακοινωθέν: Ἐκ τῶν ληφθέντων πληροφοριῶν ἐκ Πύργου οὐδὲν νέον κρούσμα πανώλους ἐσημειώθη.

ΕΠΙΣΗΜΟΝ ΑΝΑΚΟΙΝΩΘΕΝ ΥΠΟΥΡΓΕΙΟΥ ΥΓΙΕΙΝΗΣ ΤΗΝ ΠΑΝΩΛΗΝ. Κατόπιν ἐρευνῶν τοῦ ὑγειονομικοῦ ἐπιθεωρητοῦ.

Ὁ Νομάρχης Μεσσηνίας ΑΔΑΜΟΠΟΥΛΟΣ

ΤΟ ΜΝΗΜΟΣΥΝΟΝ ΔΙΑ ΤΟΝ ΜΑΡΤΥΡΑ ΜΗΤΡΟΠΟΛΙΤΗΝ ΣΜΥΡΝΗΣ ΧΡΥΣΟΣΤΟΜΟΝ

Τὴν 11ην π. μ. τῆς προσεχοῦς Κυριακῆς θὰ τελεσθῇ εἰς τὸν Μητροπολιτικὸν ναὸν μνημόσυνον ὑπὲρ τοῦ Μητροπολίτου Σμύρνης Χρυσοστόμου.

Τὴν 11ην π. μ. τῆς προσεχοῦς Κυριακῆς θὰ τελεσθῇ εἰς τὸν Μητροπολιτικὸν ναὸν μνημόσυνον ὑπὲρ τοῦ Μητροπολίτου Σμύρνης Χρυσοστόμου.

Εἰς τὴν τελετὴν θὰ παραστοῦν ὁ κ. Βενιζέλος, οἱ ὑπουργοὶ καὶ οἱ ἀντιπρόσωποι τῶν Μικρασιατικῶν σωματείων.

Εἰς τὴν τελετὴν θὰ παραστοῦν ὁ κ. Βενιζέλος, οἱ ὑπουργοὶ καὶ οἱ ἀντιπρόσωποι τῶν Μικρασιατικῶν σωματείων.

Τὴν 11ην π. μ. τῆς προσεχοῦς Κυριακῆς θὰ τελεσθῇ εἰς τὸν Μητροπολιτικὸν ναὸν μνημόσυνον ὑπὲρ τοῦ Μητροπολίτου Σμύρνης Χρυσοστόμου.

Εἰς τὴν τελετὴν θὰ παραστοῦν ὁ κ. Βενιζέλος, οἱ ὑπουργοὶ καὶ οἱ ἀντιπρόσωποι τῶν Μικρασιατικῶν σωματείων.

Τὴν 11ην π. μ. τῆς προσεχοῦς Κυριακῆς θὰ τελεσθῇ εἰς τὸν Μητροπολιτικὸν ναὸν μνημόσυνον ὑπὲρ τοῦ Μητροπολίτου Σμύρνης Χρυσοστόμου.

Εἰς τὴν τελετὴν θὰ παραστοῦν ὁ κ. Βενιζέλος, οἱ ὑπουργοὶ καὶ οἱ ἀντιπρόσωποι τῶν Μικρασιατικῶν σωματείων.

Τὴν 11ην π. μ. τῆς προσεχοῦς Κυριακῆς θὰ τελεσθῇ εἰς τὸν Μητροπολιτικὸν ναὸν μνημόσυνον ὑπὲρ τοῦ Μητροπολίτου Σμύρνης Χρυσοστόμου.
